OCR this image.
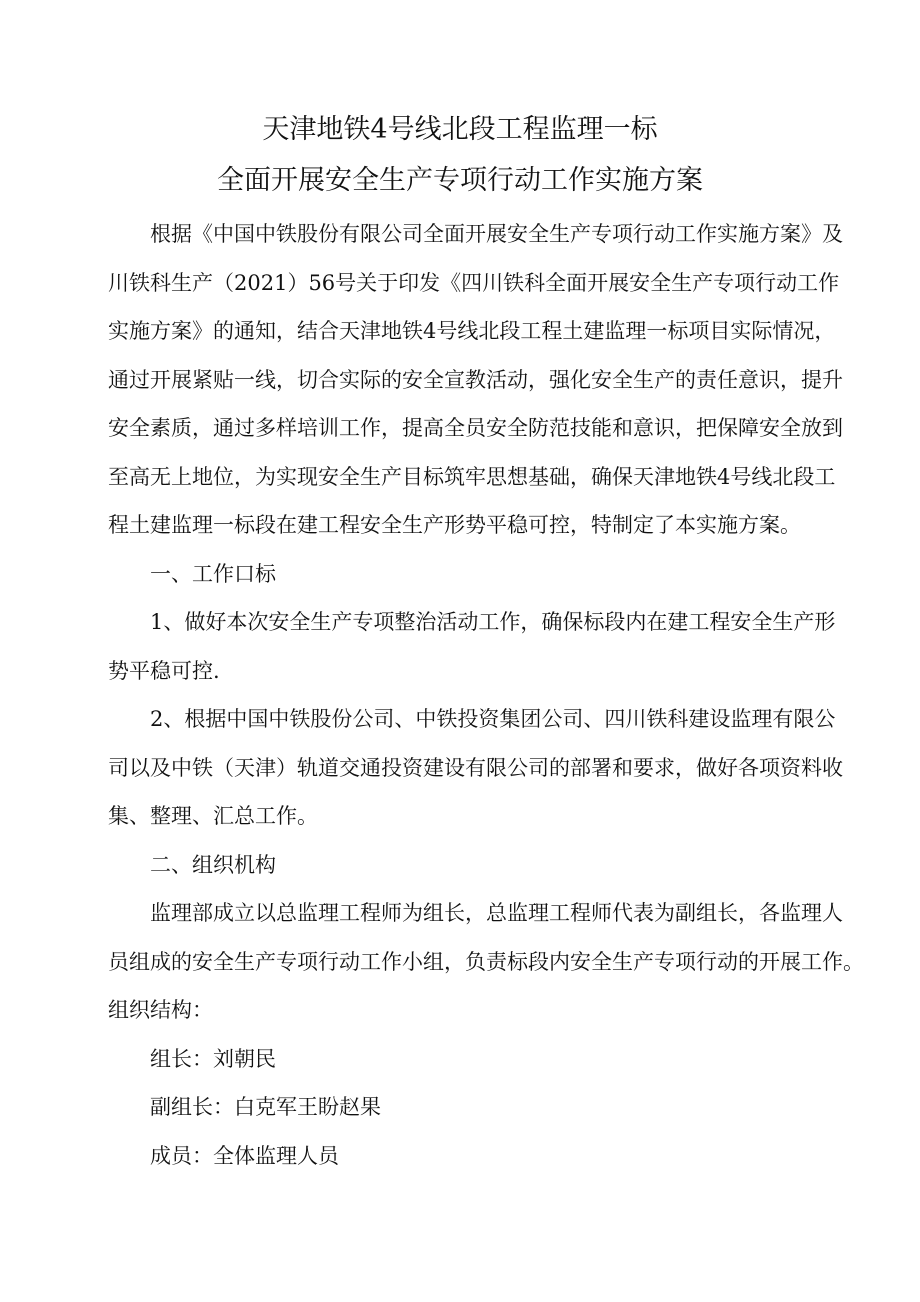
天津地铁4号线北段工程监理一标
全面开展安全生产专项行动工作实施方案

根据《中国中铁股份有限公司全面开展安全生产专项行动工作实施方案》及

川铁科生产（2021）56号关于印发《四川铁科全面开展安全生产专项行动工作

实施方案》的通知，结合天津地铁4号线北段工程土建监理一标项目实际情况，

通过开展紧贴一线，切合实际的安全宣教活动，强化安全生产的责任意识，提升

安全素质，通过多样培训工作，提高全员安全防范技能和意识，把保障安全放到

至高无上地位，为实现安全生产目标筑牢思想基础，确保天津地铁4号线北段工

程土建监理一标段在建工程安全生产形势平稳可控，特制定了本实施方案。

一、工作口标

1、做好本次安全生产专项整治活动工作，确保标段内在建工程安全生产形

势平稳可控.

2、根据中国中铁股份公司、中铁投资集团公司、四川铁科建设监理有限公

司以及中铁（天津）轨道交通投资建设有限公司的部署和要求，做好各项资料收

集、整理、汇总工作。

二、组织机构

监理部成立以总监理工程师为组长，总监理工程师代表为副组长，各监理人

员组成的安全生产专项行动工作小组，负责标段内安全生产专项行动的开展工作。

组织结构：

组长：刘朝民

副组长：白克军王盼赵果

成员：全体监理人员
